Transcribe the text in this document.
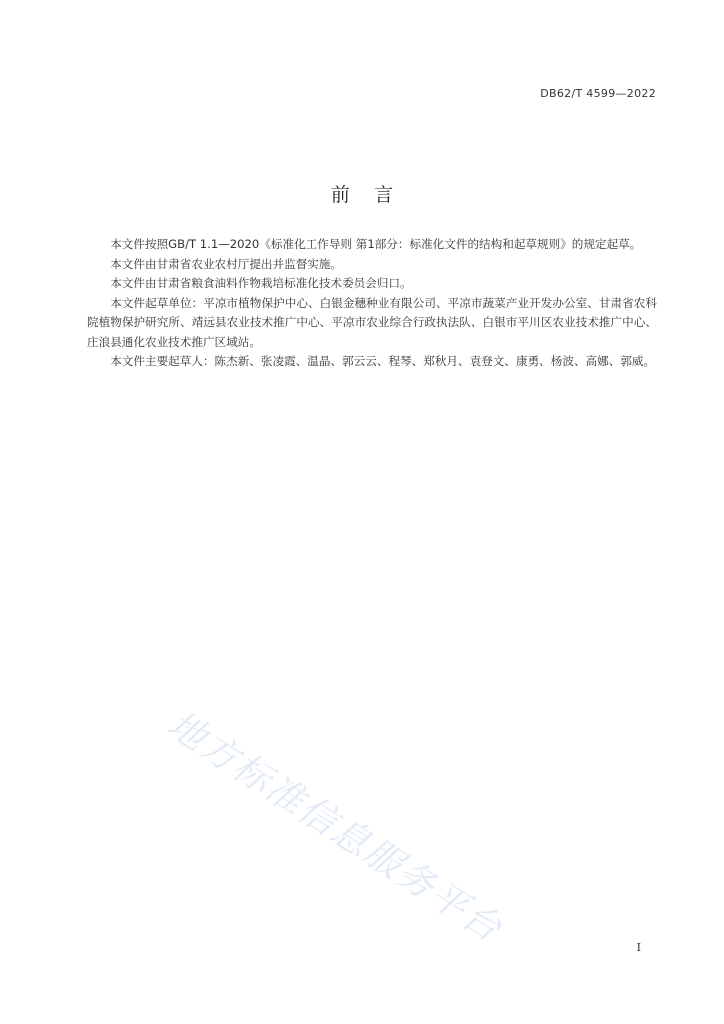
DB62/T 4599—2022
前    言

本文件按照GB/T 1.1—2020《标准化工作导则 第1部分：标准化文件的结构和起草规则》的规定起草。

本文件由甘肃省农业农村厅提出并监督实施。

本文件由甘肃省粮食油料作物栽培标准化技术委员会归口。

本文件起草单位：平凉市植物保护中心、白银金穗种业有限公司、平凉市蔬菜产业开发办公室、甘肃省农科院植物保护研究所、靖远县农业技术推广中心、平凉市农业综合行政执法队、白银市平川区农业技术推广中心、庄浪县通化农业技术推广区域站。

本文件主要起草人：陈杰新、张凌霞、温晶、郭云云、程琴、郑秋月、袁登文、康勇、杨波、高娜、郭威。

地方标准信息服务平台	I
